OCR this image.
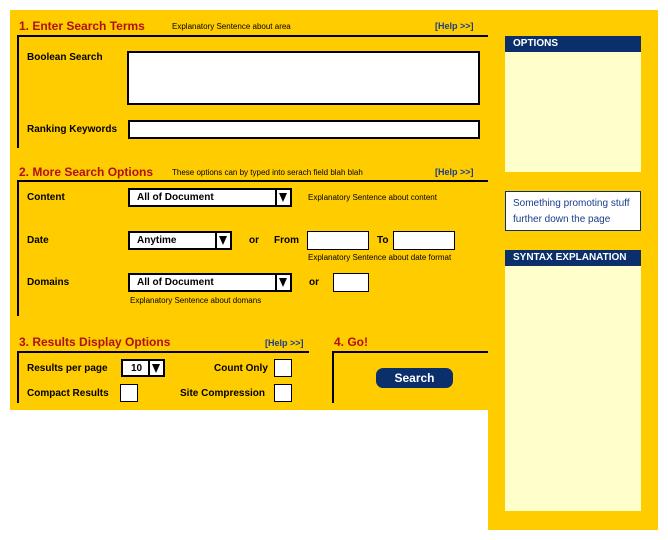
1. Enter Search Terms	Explanatory Sentence about area	[Help >>]
Boolean Search
Ranking Keywords
2. More Search Options These options can by typed into serach field blah blah	[Help >>]
Content	All of Document	Explanatory Sentence about content
Date	Anytime	or From	To
Explanatory Sentence about date format
Domains	All of Document	or
Explanatory Sentence about domans
3. Results Display Options	[Help >>]
Results per page	10	Count Only
Compact Results	Site Compression
4. Go!
Search
OPTIONS
Something promoting stuff further down the page
SYNTAX EXPLANATION
